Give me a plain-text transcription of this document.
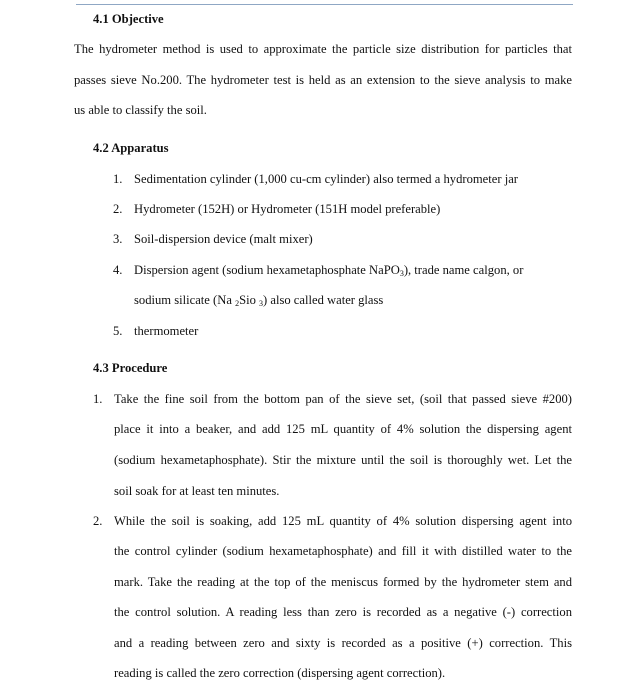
4.1 Objective
The hydrometer method is used to approximate the particle size distribution for particles that
passes sieve No.200. The hydrometer test is held as an extension to the sieve analysis to make
us able to classify the soil.
4.2 Apparatus
1. Sedimentation cylinder (1,000 cu-cm cylinder) also termed a hydrometer jar
2. Hydrometer (152H) or Hydrometer (151H model preferable)
3. Soil-dispersion device (malt mixer)
4. Dispersion agent (sodium hexametaphosphate NaPO$_3$), trade name calgon, or
sodium silicate (Na $_2$Sio $_3$) also called water glass
5. thermometer
4.3 Procedure
1. Take the fine soil from the bottom pan of the sieve set, (soil that passed sieve #200)
place it into a beaker, and add 125 mL quantity of 4% solution the dispersing agent
(sodium hexametaphosphate). Stir the mixture until the soil is thoroughly wet. Let the
soil soak for at least ten minutes.
2. While the soil is soaking, add 125 mL quantity of 4% solution dispersing agent into
the control cylinder (sodium hexametaphosphate) and fill it with distilled water to the
mark. Take the reading at the top of the meniscus formed by the hydrometer stem and
the control solution. A reading less than zero is recorded as a negative (-) correction
and a reading between zero and sixty is recorded as a positive (+) correction. This
reading is called the zero correction (dispersing agent correction).
